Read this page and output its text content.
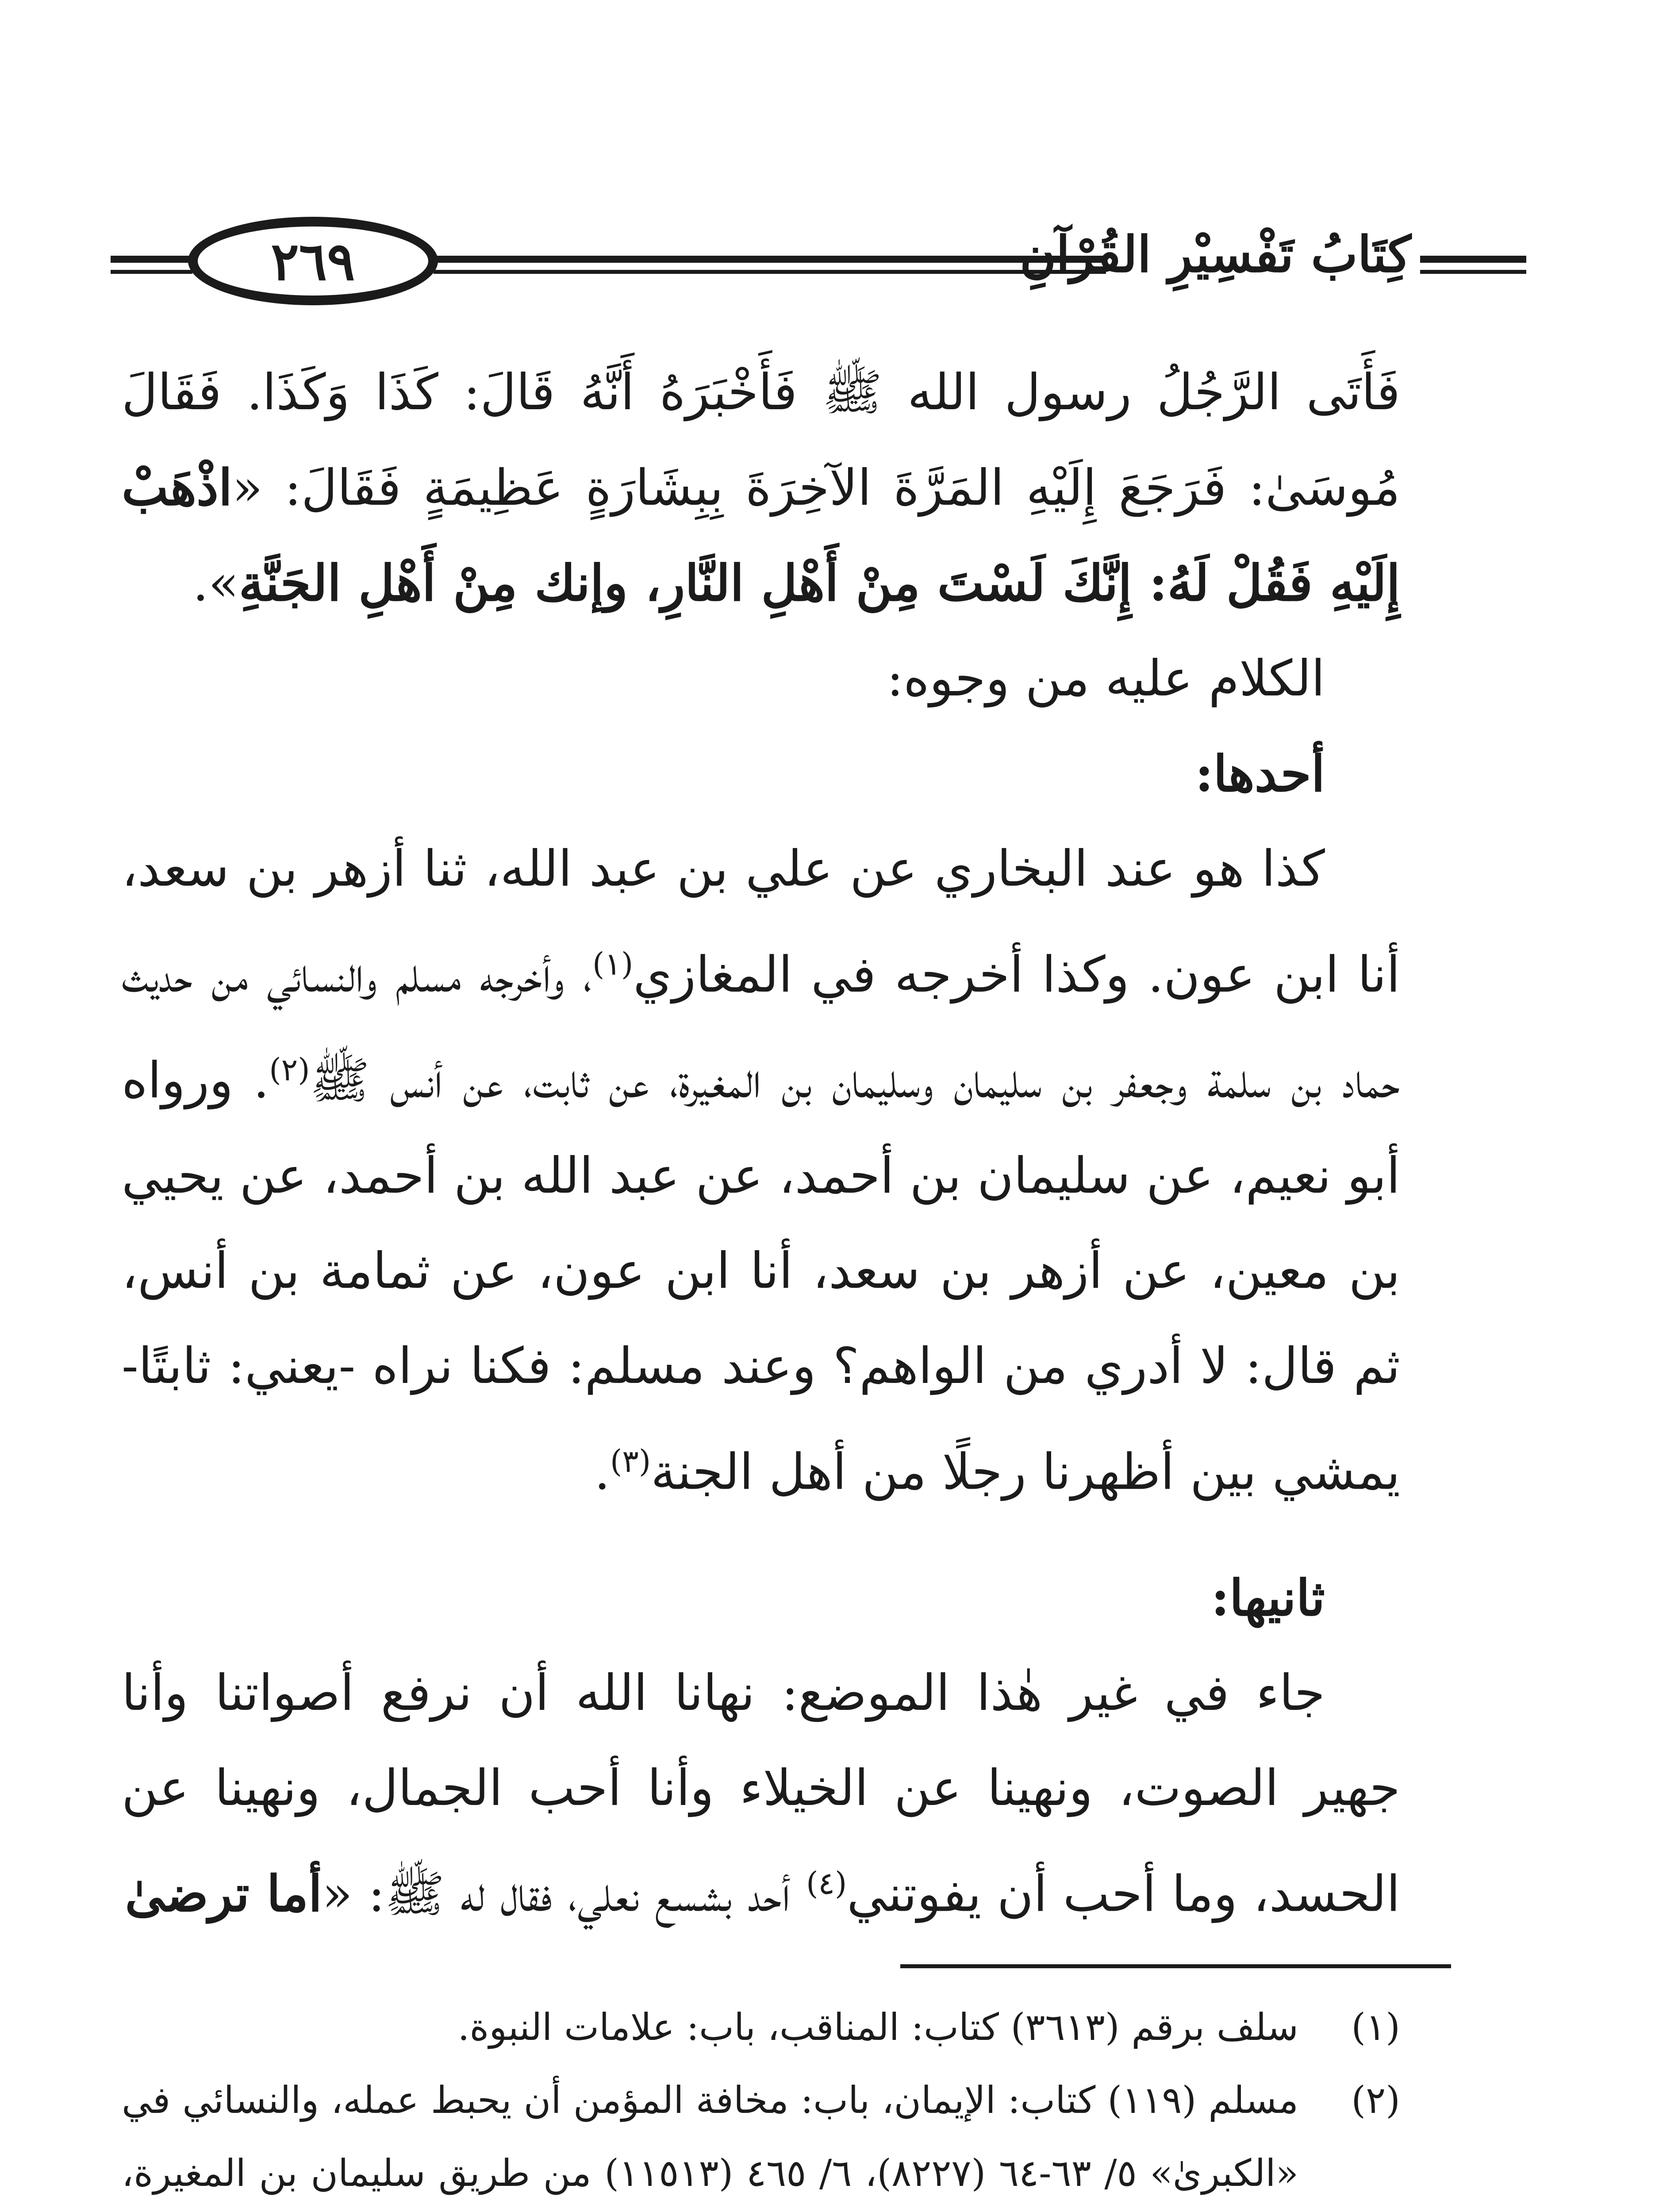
٢٦٩	كِتَابُ تَفْسِيْرِ القُرْآنِ

فَأَتَى الرَّجُلُ رسول الله ﷺ فَأَخْبَرَهُ أَنَّهُ قَالَ: كَذَا وَكَذَا. فَقَالَ مُوسَىٰ: فَرَجَعَ إِلَيْهِ المَرَّةَ الآخِرَةَ بِبِشَارَةٍ عَظِيمَةٍ فَقَالَ: «اذْهَبْ إِلَيْهِ فَقُلْ لَهُ: إِنَّكَ لَسْتَ مِنْ أَهْلِ النَّارِ، وإنك مِنْ أَهْلِ الجَنَّةِ».

الكلام عليه من وجوه:

أحدها:

كذا هو عند البخاري عن علي بن عبد الله، ثنا أزهر بن سعد، أنا ابن عون. وكذا أخرجه في المغازي$^{(١)}$، وأخرجه مسلم والنسائي من حديث حماد بن سلمة وجعفر بن سليمان وسليمان بن المغيرة، عن ثابت، عن أنس ﷺ$^{(٢)}$. ورواه أبو نعيم، عن سليمان بن أحمد، عن عبد الله بن أحمد، عن يحيي بن معين، عن أزهر بن سعد، أنا ابن عون، عن ثمامة بن أنس، ثم قال: لا أدري من الواهم؟ وعند مسلم: فكنا نراه -يعني: ثابتًا- يمشي بين أظهرنا رجلًا من أهل الجنة$^{(٣)}$.

ثانيها:

جاء في غير هٰذا الموضع: نهانا الله أن نرفع أصواتنا وأنا جهير الصوت، ونهينا عن الخيلاء وأنا أحب الجمال، ونهينا عن الحسد، وما أحب أن يفوتني$^{(٤)}$ أحد بشسع نعلي، فقال له ﷺ: «أما ترضىٰ

(١)
سلف برقم (٣٦١٣) كتاب: المناقب، باب: علامات النبوة.
(٢)
مسلم (١١٩) كتاب: الإيمان، باب: مخافة المؤمن أن يحبط عمله، والنسائي في «الكبرىٰ» ٥/ ٦٣-٦٤ (٨٢٢٧)، ٦/ ٤٦٥ (١١٥١٣) من طريق سليمان بن المغيرة،
